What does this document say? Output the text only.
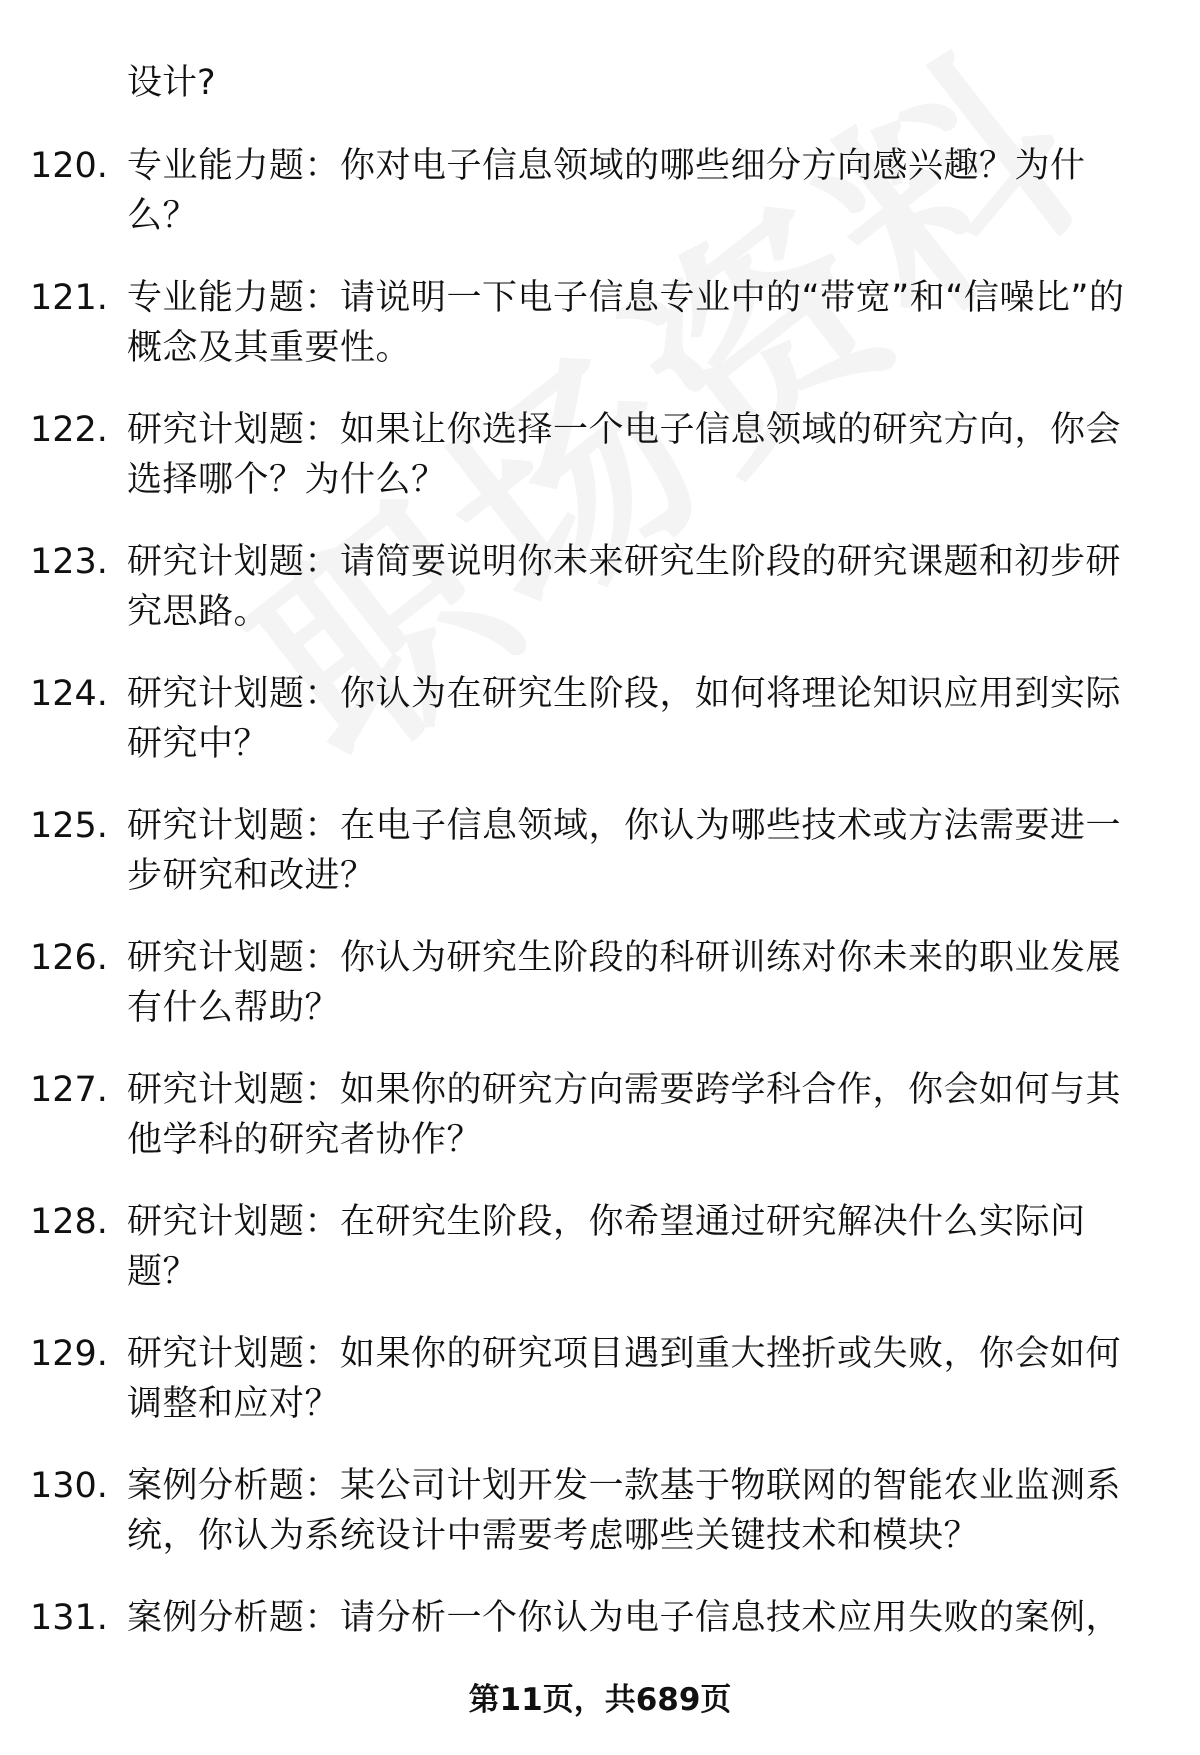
设计?
120. 专业能力题：你对电子信息领域的哪些细分方向感兴趣？为什么？
121. 专业能力题：请说明一下电子信息专业中的“带宽”和“信噪比”的概念及其重要性。
122. 研究计划题：如果让你选择一个电子信息领域的研究方向，你会选择哪个？为什么？
123. 研究计划题：请简要说明你未来研究生阶段的研究课题和初步研究思路。
124. 研究计划题：你认为在研究生阶段，如何将理论知识应用到实际研究中？
125. 研究计划题：在电子信息领域，你认为哪些技术或方法需要进一步研究和改进？
126. 研究计划题：你认为研究生阶段的科研训练对你未来的职业发展有什么帮助？
127. 研究计划题：如果你的研究方向需要跨学科合作，你会如何与其他学科的研究者协作？
128. 研究计划题：在研究生阶段，你希望通过研究解决什么实际问题？
129. 研究计划题：如果你的研究项目遇到重大挫折或失败，你会如何调整和应对？
130. 案例分析题：某公司计划开发一款基于物联网的智能农业监测系统，你认为系统设计中需要考虑哪些关键技术和模块？
131. 案例分析题：请分析一个你认为电子信息技术应用失败的案例，
第11页，共689页
